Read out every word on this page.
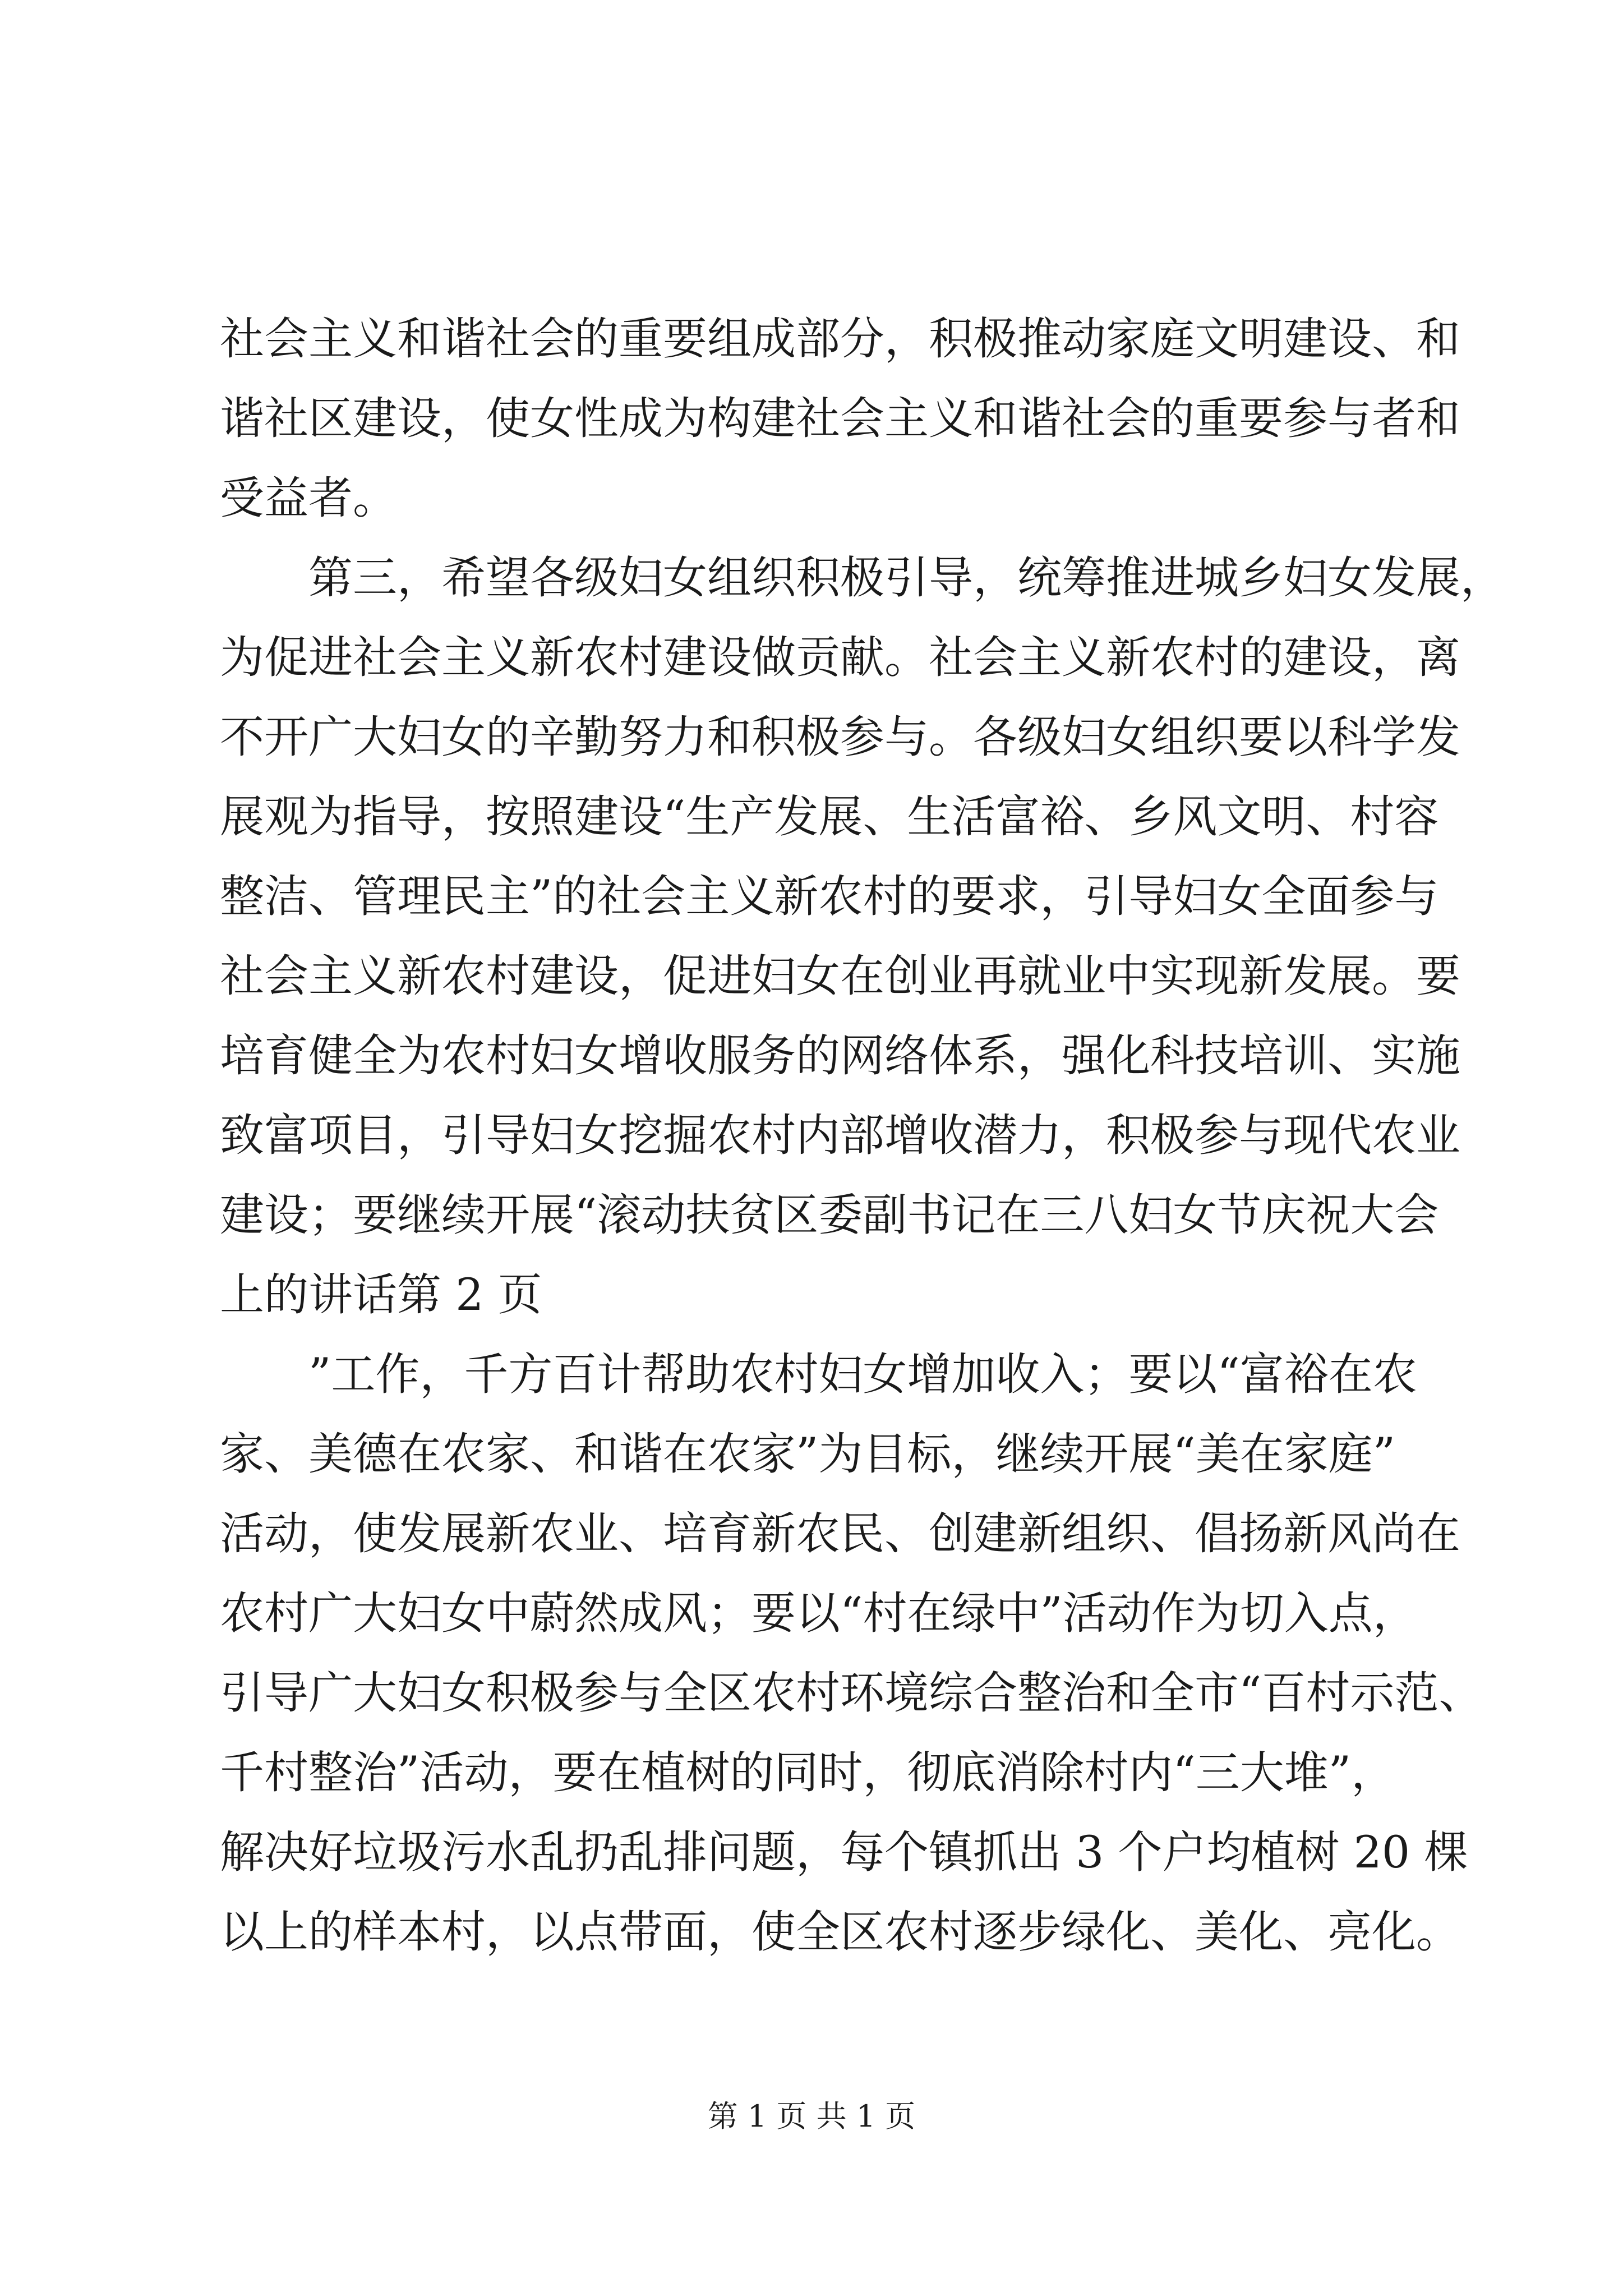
社会主义和谐社会的重要组成部分，积极推动家庭文明建设、和
谐社区建设，使女性成为构建社会主义和谐社会的重要参与者和
受益者。
　　第三，希望各级妇女组织积极引导，统筹推进城乡妇女发展，
为促进社会主义新农村建设做贡献。社会主义新农村的建设，离
不开广大妇女的辛勤努力和积极参与。各级妇女组织要以科学发
展观为指导，按照建设“生产发展、生活富裕、乡风文明、村容
整洁、管理民主”的社会主义新农村的要求，引导妇女全面参与
社会主义新农村建设，促进妇女在创业再就业中实现新发展。要
培育健全为农村妇女增收服务的网络体系，强化科技培训、实施
致富项目，引导妇女挖掘农村内部增收潜力，积极参与现代农业
建设；要继续开展“滚动扶贫区委副书记在三八妇女节庆祝大会
上的讲话第 2 页
　　”工作，千方百计帮助农村妇女增加收入；要以“富裕在农
家、美德在农家、和谐在农家”为目标，继续开展“美在家庭”
活动，使发展新农业、培育新农民、创建新组织、倡扬新风尚在
农村广大妇女中蔚然成风；要以“村在绿中”活动作为切入点，
引导广大妇女积极参与全区农村环境综合整治和全市“百村示范、
千村整治”活动，要在植树的同时，彻底消除村内“三大堆”，
解决好垃圾污水乱扔乱排问题，每个镇抓出 3 个户均植树 20 棵
以上的样本村，以点带面，使全区农村逐步绿化、美化、亮化。
第 1 页 共 1 页
